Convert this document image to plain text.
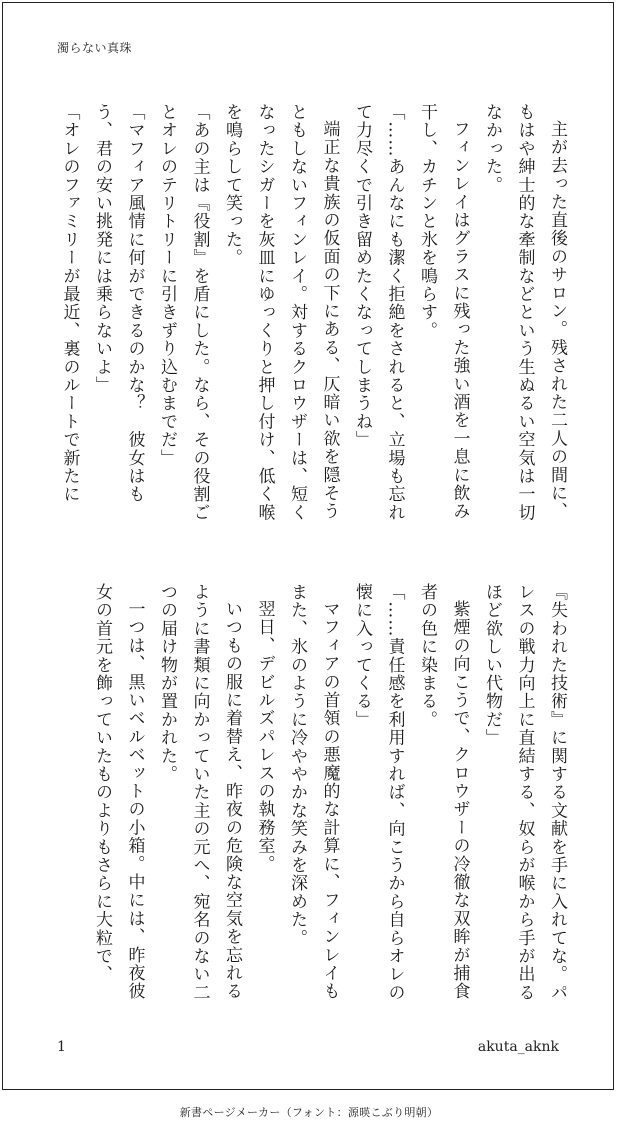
濁らない真珠

主が去った直後のサロン。残された二人の間に、もはや紳士的な牽制などという生ぬるい空気は一切なかった。

フィンレイはグラスに残った強い酒を一息に飲み干し、カチンと氷を鳴らす。

「……あんなにも潔く拒絶をされると、立場も忘れて力尽くで引き留めたくなってしまうね」

端正な貴族の仮面の下にある、仄暗い欲を隠そうともしないフィンレイ。対するクロウザーは、短くなったシガーを灰皿にゆっくりと押し付け、低く喉を鳴らして笑った。

「あの主は『役割』を盾にした。なら、その役割ごとオレのテリトリーに引きずり込むまでだ」

「マフィア風情に何ができるのかな？　彼女はもう、君の安い挑発には乗らないよ」

「オレのファミリーが最近、裏のルートで新たに

『失われた技術』に関する文献を手に入れてな。パレスの戦力向上に直結する、奴らが喉から手が出るほど欲しい代物だ」

紫煙の向こうで、クロウザーの冷徹な双眸が捕食者の色に染まる。

「……責任感を利用すれば、向こうから自らオレの懐に入ってくる」

マフィアの首領の悪魔的な計算に、フィンレイもまた、氷のように冷ややかな笑みを深めた。

翌日、デビルズパレスの執務室。

いつもの服に着替え、昨夜の危険な空気を忘れるように書類に向かっていた主の元へ、宛名のない二つの届け物が置かれた。

一つは、黒いベルベットの小箱。中には、昨夜彼女の首元を飾っていたものよりもさらに大粒で、

1	akuta_aknk
新書ページメーカー（フォント：源暎こぶり明朝）
